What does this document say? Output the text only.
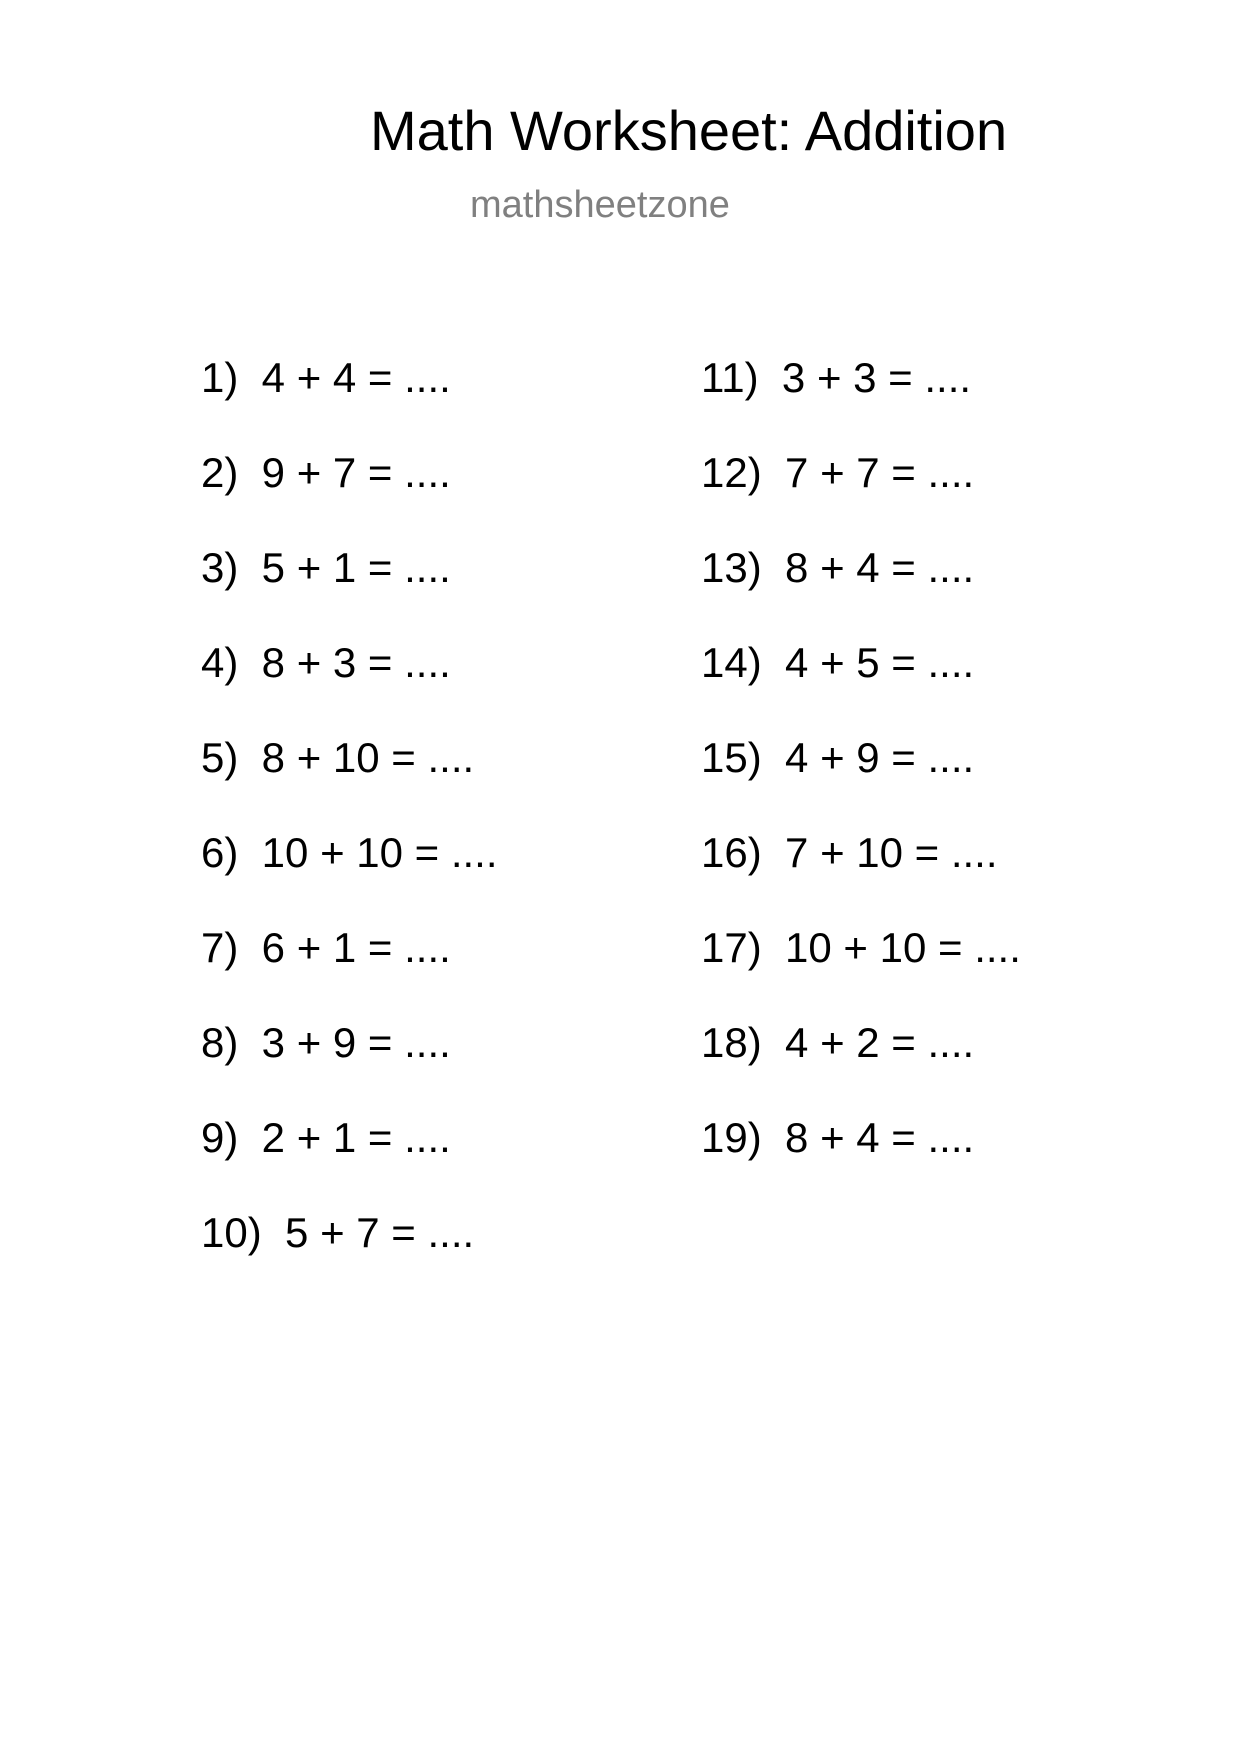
Math Worksheet: Addition
mathsheetzone
1)  4 + 4 = ....
2)  9 + 7 = ....
3)  5 + 1 = ....
4)  8 + 3 = ....
5)  8 + 10 = ....
6)  10 + 10 = ....
7)  6 + 1 = ....
8)  3 + 9 = ....
9)  2 + 1 = ....
10)  5 + 7 = ....
11)  3 + 3 = ....
12)  7 + 7 = ....
13)  8 + 4 = ....
14)  4 + 5 = ....
15)  4 + 9 = ....
16)  7 + 10 = ....
17)  10 + 10 = ....
18)  4 + 2 = ....
19)  8 + 4 = ....
